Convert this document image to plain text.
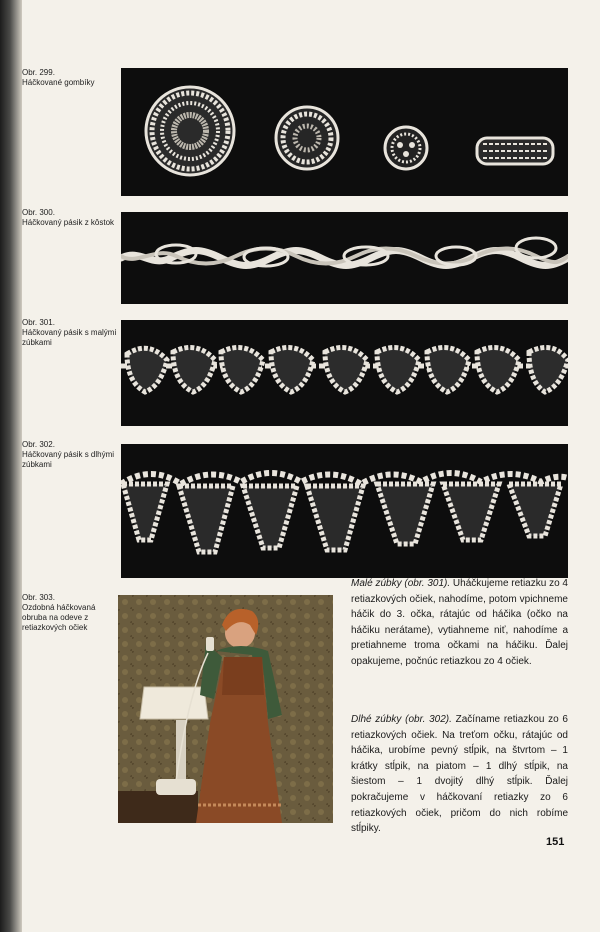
Obr. 299.
Háčkované gombíky
Obr. 300.
Háčkovaný pásik z kôstok
Obr. 301.
Háčkovaný pásik s malými zúbkami
Obr. 302.
Háčkovaný pásik s dlhými zúbkami
Obr. 303.
Ozdobná háčkovaná obruba na odeve z retiazkových očiek
Malé zúbky (obr. 301). Uháčkujeme retiazku zo 4 retiazkových očiek, nahodíme, potom vpichneme háčik do 3. očka, rátajúc od háčika (očko na háčiku nerátame), vytiahneme niť, nahodíme a pretiahneme troma očkami na háčiku. Ďalej opakujeme, počnúc retiazkou zo 4 očiek.
Dlhé zúbky (obr. 302). Začíname retiazkou zo 6 retiazkových očiek. Na treťom očku, rátajúc od háčika, urobíme pevný stĺpik, na štvrtom – 1 krátky stĺpik, na piatom – 1 dlhý stĺpik, na šiestom – 1 dvojitý dlhý stĺpik. Ďalej pokračujeme v háčkovaní retiazky zo 6 retiazkových očiek, pričom do nich robíme stĺpiky.
151
